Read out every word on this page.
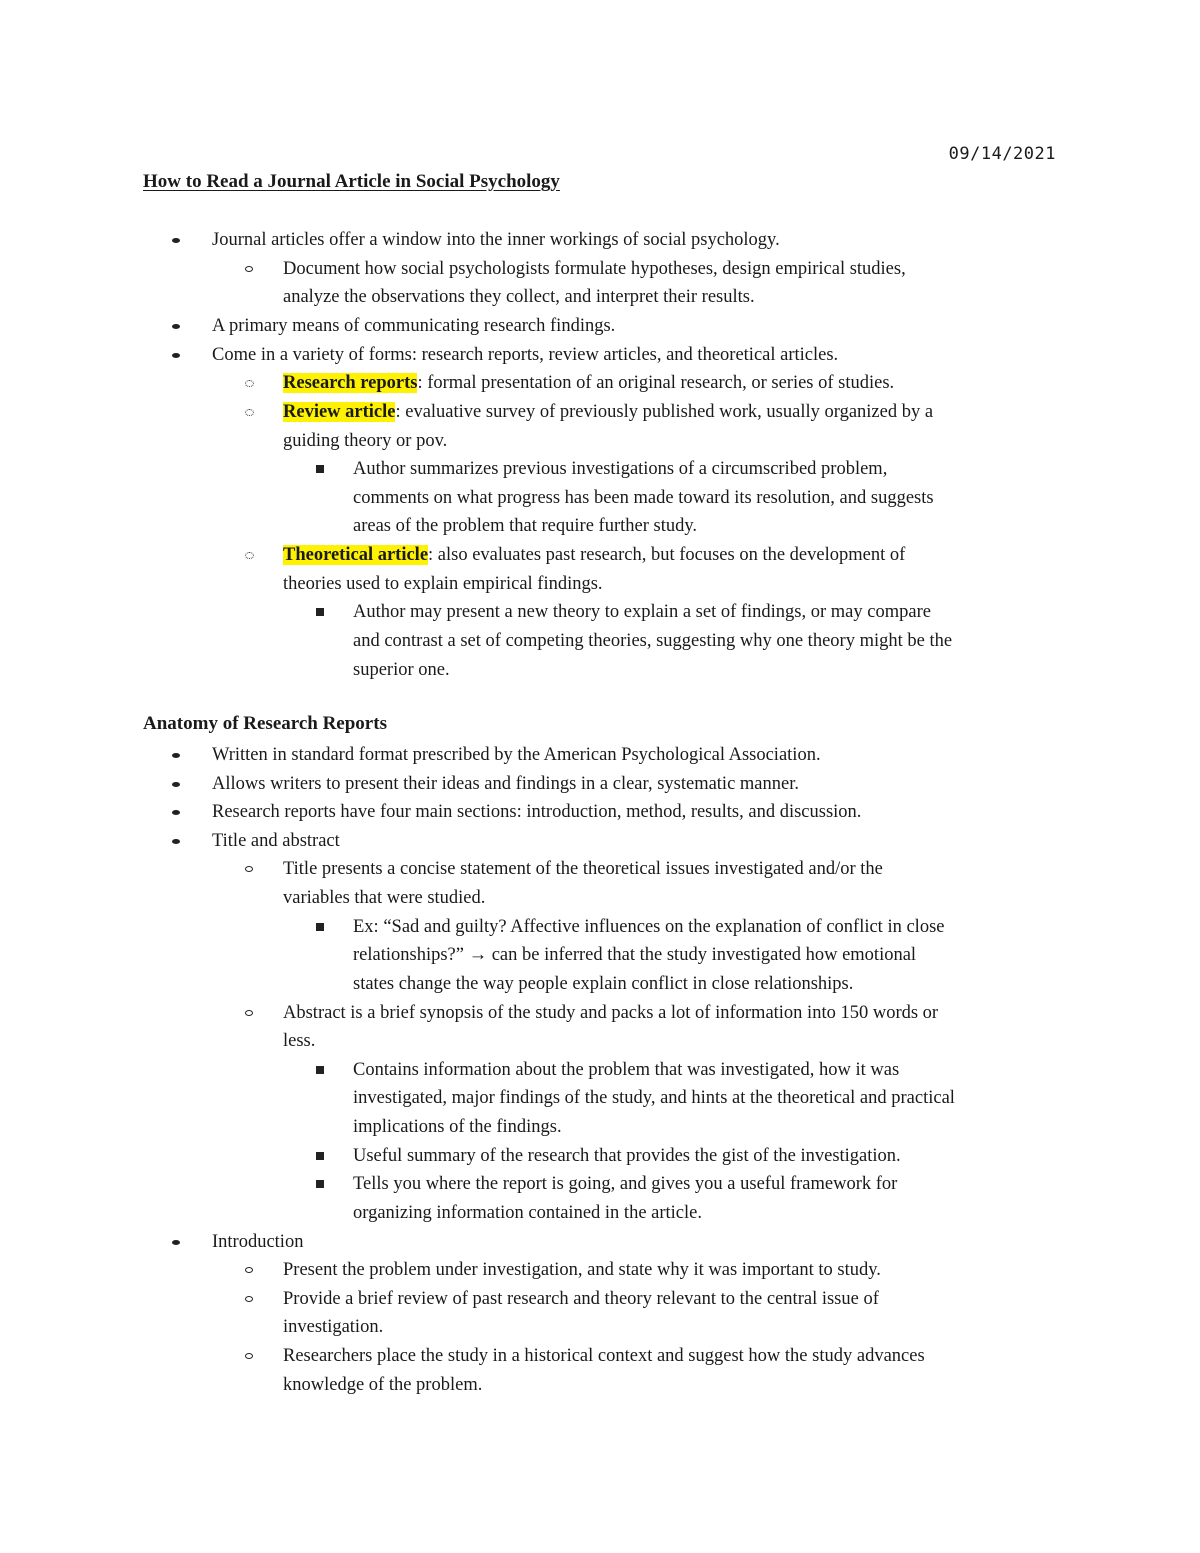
09/14/2021
How to Read a Journal Article in Social Psychology
Journal articles offer a window into the inner workings of social psychology.
Document how social psychologists formulate hypotheses, design empirical studies,
analyze the observations they collect, and interpret their results.
A primary means of communicating research findings.
Come in a variety of forms: research reports, review articles, and theoretical articles.
Research reports: formal presentation of an original research, or series of studies.
Review article: evaluative survey of previously published work, usually organized by a
guiding theory or pov.
Author summarizes previous investigations of a circumscribed problem,
comments on what progress has been made toward its resolution, and suggests
areas of the problem that require further study.
Theoretical article: also evaluates past research, but focuses on the development of
theories used to explain empirical findings.
Author may present a new theory to explain a set of findings, or may compare
and contrast a set of competing theories, suggesting why one theory might be the
superior one.
Anatomy of Research Reports
Written in standard format prescribed by the American Psychological Association.
Allows writers to present their ideas and findings in a clear, systematic manner.
Research reports have four main sections: introduction, method, results, and discussion.
Title and abstract
Title presents a concise statement of the theoretical issues investigated and/or the
variables that were studied.
Ex: “Sad and guilty? Affective influences on the explanation of conflict in close
relationships?” → can be inferred that the study investigated how emotional
states change the way people explain conflict in close relationships.
Abstract is a brief synopsis of the study and packs a lot of information into 150 words or
less.
Contains information about the problem that was investigated, how it was
investigated, major findings of the study, and hints at the theoretical and practical
implications of the findings.
Useful summary of the research that provides the gist of the investigation.
Tells you where the report is going, and gives you a useful framework for
organizing information contained in the article.
Introduction
Present the problem under investigation, and state why it was important to study.
Provide a brief review of past research and theory relevant to the central issue of
investigation.
Researchers place the study in a historical context and suggest how the study advances
knowledge of the problem.
